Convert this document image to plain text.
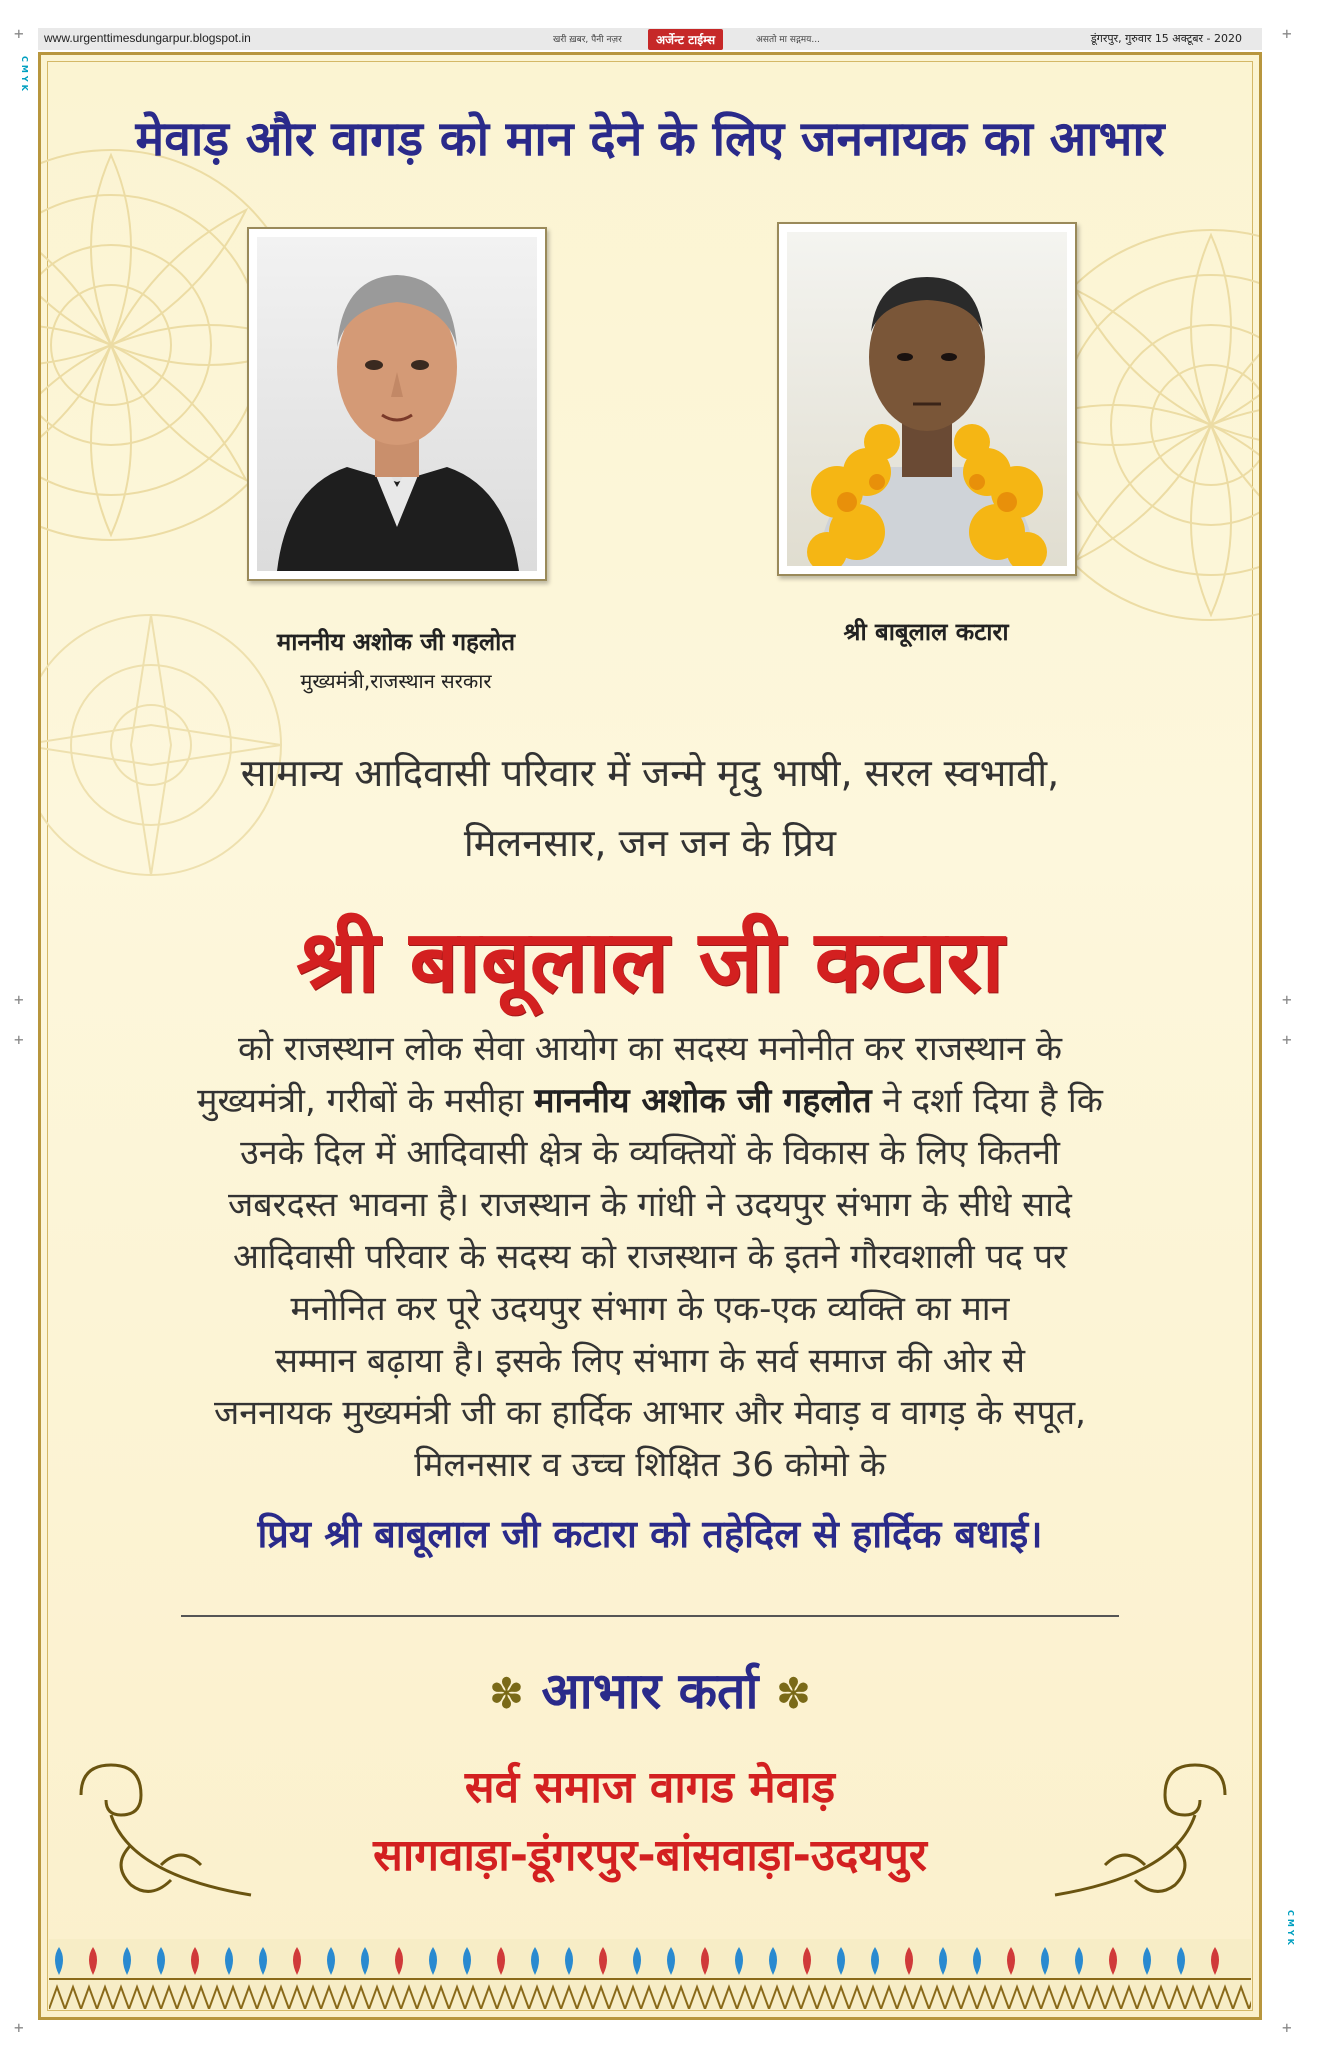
www.urgenttimesdungarpur.blogspot.in	खरी ख़बर, पैनी नज़र	अर्जेन्ट टाईम्स	असतो मा सद्गमय...	डूंगरपुर, गुरुवार 15 अक्टूबर - 2020
+	+
+
+
+
+
+	+
CMYK
CMYK
मेवाड़ और वागड़ को मान देने के लिए जननायक का आभार
माननीय अशोक जी गहलोत
मुख्यमंत्री,राजस्थान सरकार
श्री बाबूलाल कटारा
सामान्य आदिवासी परिवार में जन्मे मृदु भाषी, सरल स्वभावी,
मिलनसार, जन जन के प्रिय
श्री बाबूलाल जी कटारा
को राजस्थान लोक सेवा आयोग का सदस्य मनोनीत कर राजस्थान के
मुख्यमंत्री, गरीबों के मसीहा माननीय अशोक जी गहलोत ने दर्शा दिया है कि
उनके दिल में आदिवासी क्षेत्र के व्यक्तियों के विकास के लिए कितनी
जबरदस्त भावना है। राजस्थान के गांधी ने उदयपुर संभाग के सीधे सादे
आदिवासी परिवार के सदस्य को राजस्थान के इतने गौरवशाली पद पर
मनोनित कर पूरे उदयपुर संभाग के एक-एक व्यक्ति का मान
सम्मान बढ़ाया है। इसके लिए संभाग के सर्व समाज की ओर से
जननायक मुख्यमंत्री जी का हार्दिक आभार और मेवाड़ व वागड़ के सपूत,
मिलनसार व उच्च शिक्षित 36 कोमो के
प्रिय श्री बाबूलाल जी कटारा को तहेदिल से हार्दिक बधाई।
✽ आभार कर्ता ✽
सर्व समाज वागड मेवाड़
सागवाड़ा-डूंगरपुर-बांसवाड़ा-उदयपुर
